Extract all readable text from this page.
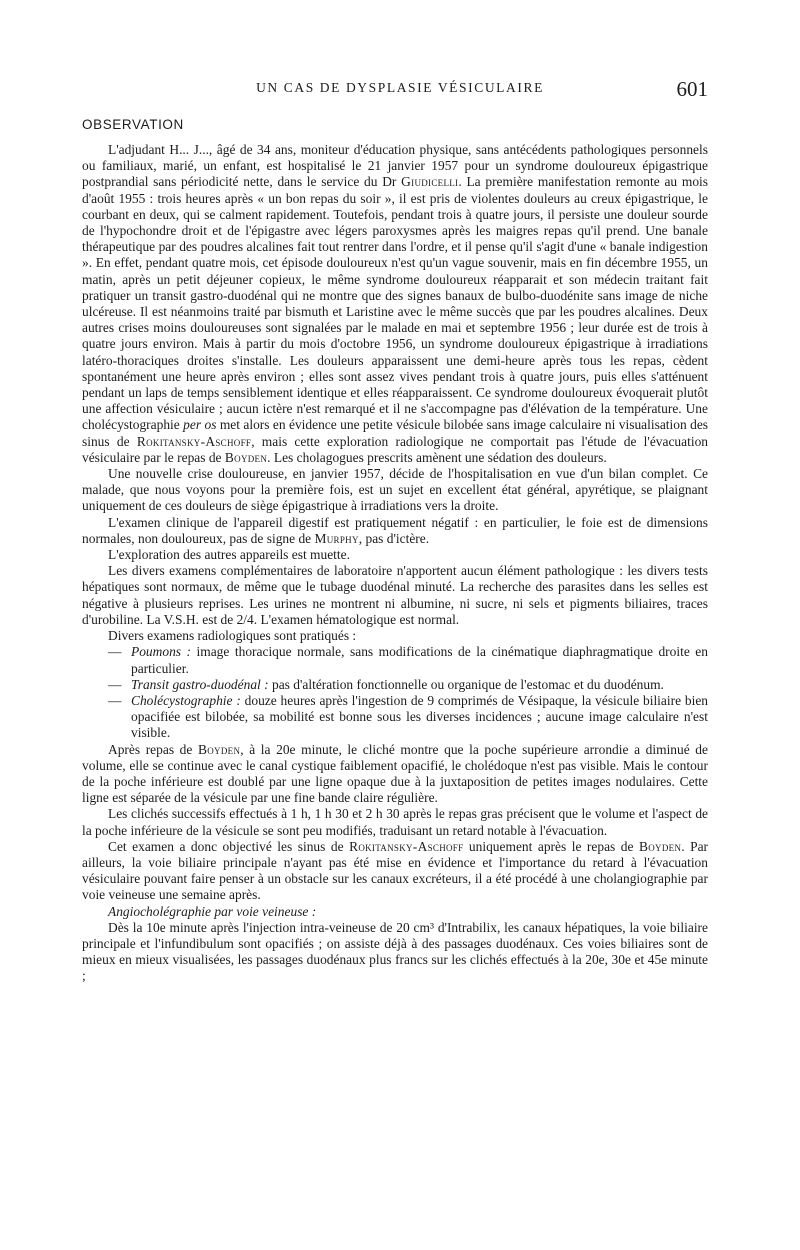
UN CAS DE DYSPLASIE VÉSICULAIRE	601
OBSERVATION

L'adjudant H... J..., âgé de 34 ans, moniteur d'éducation physique, sans antécédents pathologiques personnels ou familiaux, marié, un enfant, est hospitalisé le 21 janvier 1957 pour un syndrome douloureux épigastrique postprandial sans périodicité nette, dans le service du Dr Giudicelli. La première manifestation remonte au mois d'août 1955 : trois heures après « un bon repas du soir », il est pris de violentes douleurs au creux épigastrique, le courbant en deux, qui se calment rapidement. Toutefois, pendant trois à quatre jours, il persiste une douleur sourde de l'hypochondre droit et de l'épigastre avec légers paroxysmes après les maigres repas qu'il prend. Une banale thérapeutique par des poudres alcalines fait tout rentrer dans l'ordre, et il pense qu'il s'agit d'une « banale indigestion ». En effet, pendant quatre mois, cet épisode douloureux n'est qu'un vague souvenir, mais en fin décembre 1955, un matin, après un petit déjeuner copieux, le même syndrome douloureux réapparait et son médecin traitant fait pratiquer un transit gastro-duodénal qui ne montre que des signes banaux de bulbo-duodénite sans image de niche ulcéreuse. Il est néanmoins traité par bismuth et Laristine avec le même succès que par les poudres alcalines. Deux autres crises moins douloureuses sont signalées par le malade en mai et septembre 1956 ; leur durée est de trois à quatre jours environ. Mais à partir du mois d'octobre 1956, un syndrome douloureux épigastrique à irradiations latéro-thoraciques droites s'installe. Les douleurs apparaissent une demi-heure après tous les repas, cèdent spontanément une heure après environ ; elles sont assez vives pendant trois à quatre jours, puis elles s'atténuent pendant un laps de temps sensiblement identique et elles réapparaissent. Ce syndrome douloureux évoquerait plutôt une affection vésiculaire ; aucun ictère n'est remarqué et il ne s'accompagne pas d'élévation de la température. Une cholécystographie per os met alors en évidence une petite vésicule bilobée sans image calculaire ni visualisation des sinus de Rokitansky-Aschoff, mais cette exploration radiologique ne comportait pas l'étude de l'évacuation vésiculaire par le repas de Boyden. Les cholagogues prescrits amènent une sédation des douleurs.

Une nouvelle crise douloureuse, en janvier 1957, décide de l'hospitalisation en vue d'un bilan complet. Ce malade, que nous voyons pour la première fois, est un sujet en excellent état général, apyrétique, se plaignant uniquement de ces douleurs de siège épigastrique à irradiations vers la droite.

L'examen clinique de l'appareil digestif est pratiquement négatif : en particulier, le foie est de dimensions normales, non douloureux, pas de signe de Murphy, pas d'ictère.

L'exploration des autres appareils est muette.

Les divers examens complémentaires de laboratoire n'apportent aucun élément pathologique : les divers tests hépatiques sont normaux, de même que le tubage duodénal minuté. La recherche des parasites dans les selles est négative à plusieurs reprises. Les urines ne montrent ni albumine, ni sucre, ni sels et pigments biliaires, traces d'urobiline. La V.S.H. est de 2/4. L'examen hématologique est normal.

Divers examens radiologiques sont pratiqués :

— Poumons : image thoracique normale, sans modifications de la cinématique diaphragmatique droite en particulier.

— Transit gastro-duodénal : pas d'altération fonctionnelle ou organique de l'estomac et du duodénum.

— Cholécystographie : douze heures après l'ingestion de 9 comprimés de Vésipaque, la vésicule biliaire bien opacifiée est bilobée, sa mobilité est bonne sous les diverses incidences ; aucune image calculaire n'est visible.

Après repas de Boyden, à la 20e minute, le cliché montre que la poche supérieure arrondie a diminué de volume, elle se continue avec le canal cystique faiblement opacifié, le cholédoque n'est pas visible. Mais le contour de la poche inférieure est doublé par une ligne opaque due à la juxtaposition de petites images nodulaires. Cette ligne est séparée de la vésicule par une fine bande claire régulière.

Les clichés successifs effectués à 1 h, 1 h 30 et 2 h 30 après le repas gras précisent que le volume et l'aspect de la poche inférieure de la vésicule se sont peu modifiés, traduisant un retard notable à l'évacuation.

Cet examen a donc objectivé les sinus de Rokitansky-Aschoff uniquement après le repas de Boyden. Par ailleurs, la voie biliaire principale n'ayant pas été mise en évidence et l'importance du retard à l'évacuation vésiculaire pouvant faire penser à un obstacle sur les canaux excréteurs, il a été procédé à une cholangiographie par voie veineuse une semaine après.

Angiocholégraphie par voie veineuse :

Dès la 10e minute après l'injection intra-veineuse de 20 cm³ d'Intrabilix, les canaux hépatiques, la voie biliaire principale et l'infundibulum sont opacifiés ; on assiste déjà à des passages duodénaux. Ces voies biliaires sont de mieux en mieux visualisées, les passages duodénaux plus francs sur les clichés effectués à la 20e, 30e et 45e minute ;
